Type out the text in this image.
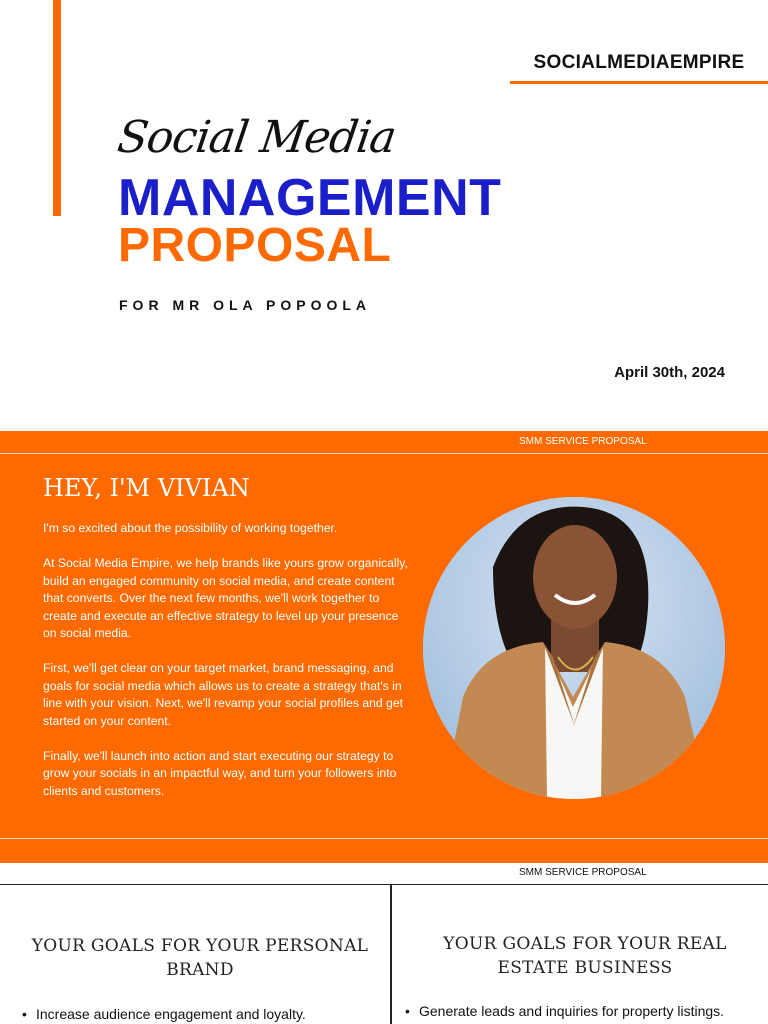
SOCIALMEDIAEMPIRE
Social Media
MANAGEMENT
PROPOSAL
FOR MR OLA POPOOLA
April 30th, 2024
SMM SERVICE PROPOSAL
HEY, I'M VIVIAN

I'm so excited about the possibility of working together.

At Social Media Empire, we help brands like yours grow organically, build an engaged community on social media, and create content that converts. Over the next few months, we'll work together to create and execute an effective strategy to level up your presence on social media.

First, we'll get clear on your target market, brand messaging, and goals for social media which allows us to create a strategy that's in line with your vision. Next, we'll revamp your social profiles and get started on your content.

Finally, we'll launch into action and start executing our strategy to grow your socials in an impactful way, and turn your followers into clients and customers.

SMM SERVICE PROPOSAL
YOUR GOALS FOR YOUR PERSONAL BRAND
• Increase audience engagement and loyalty.
YOUR GOALS FOR YOUR REAL ESTATE BUSINESS
• Generate leads and inquiries for property listings.
